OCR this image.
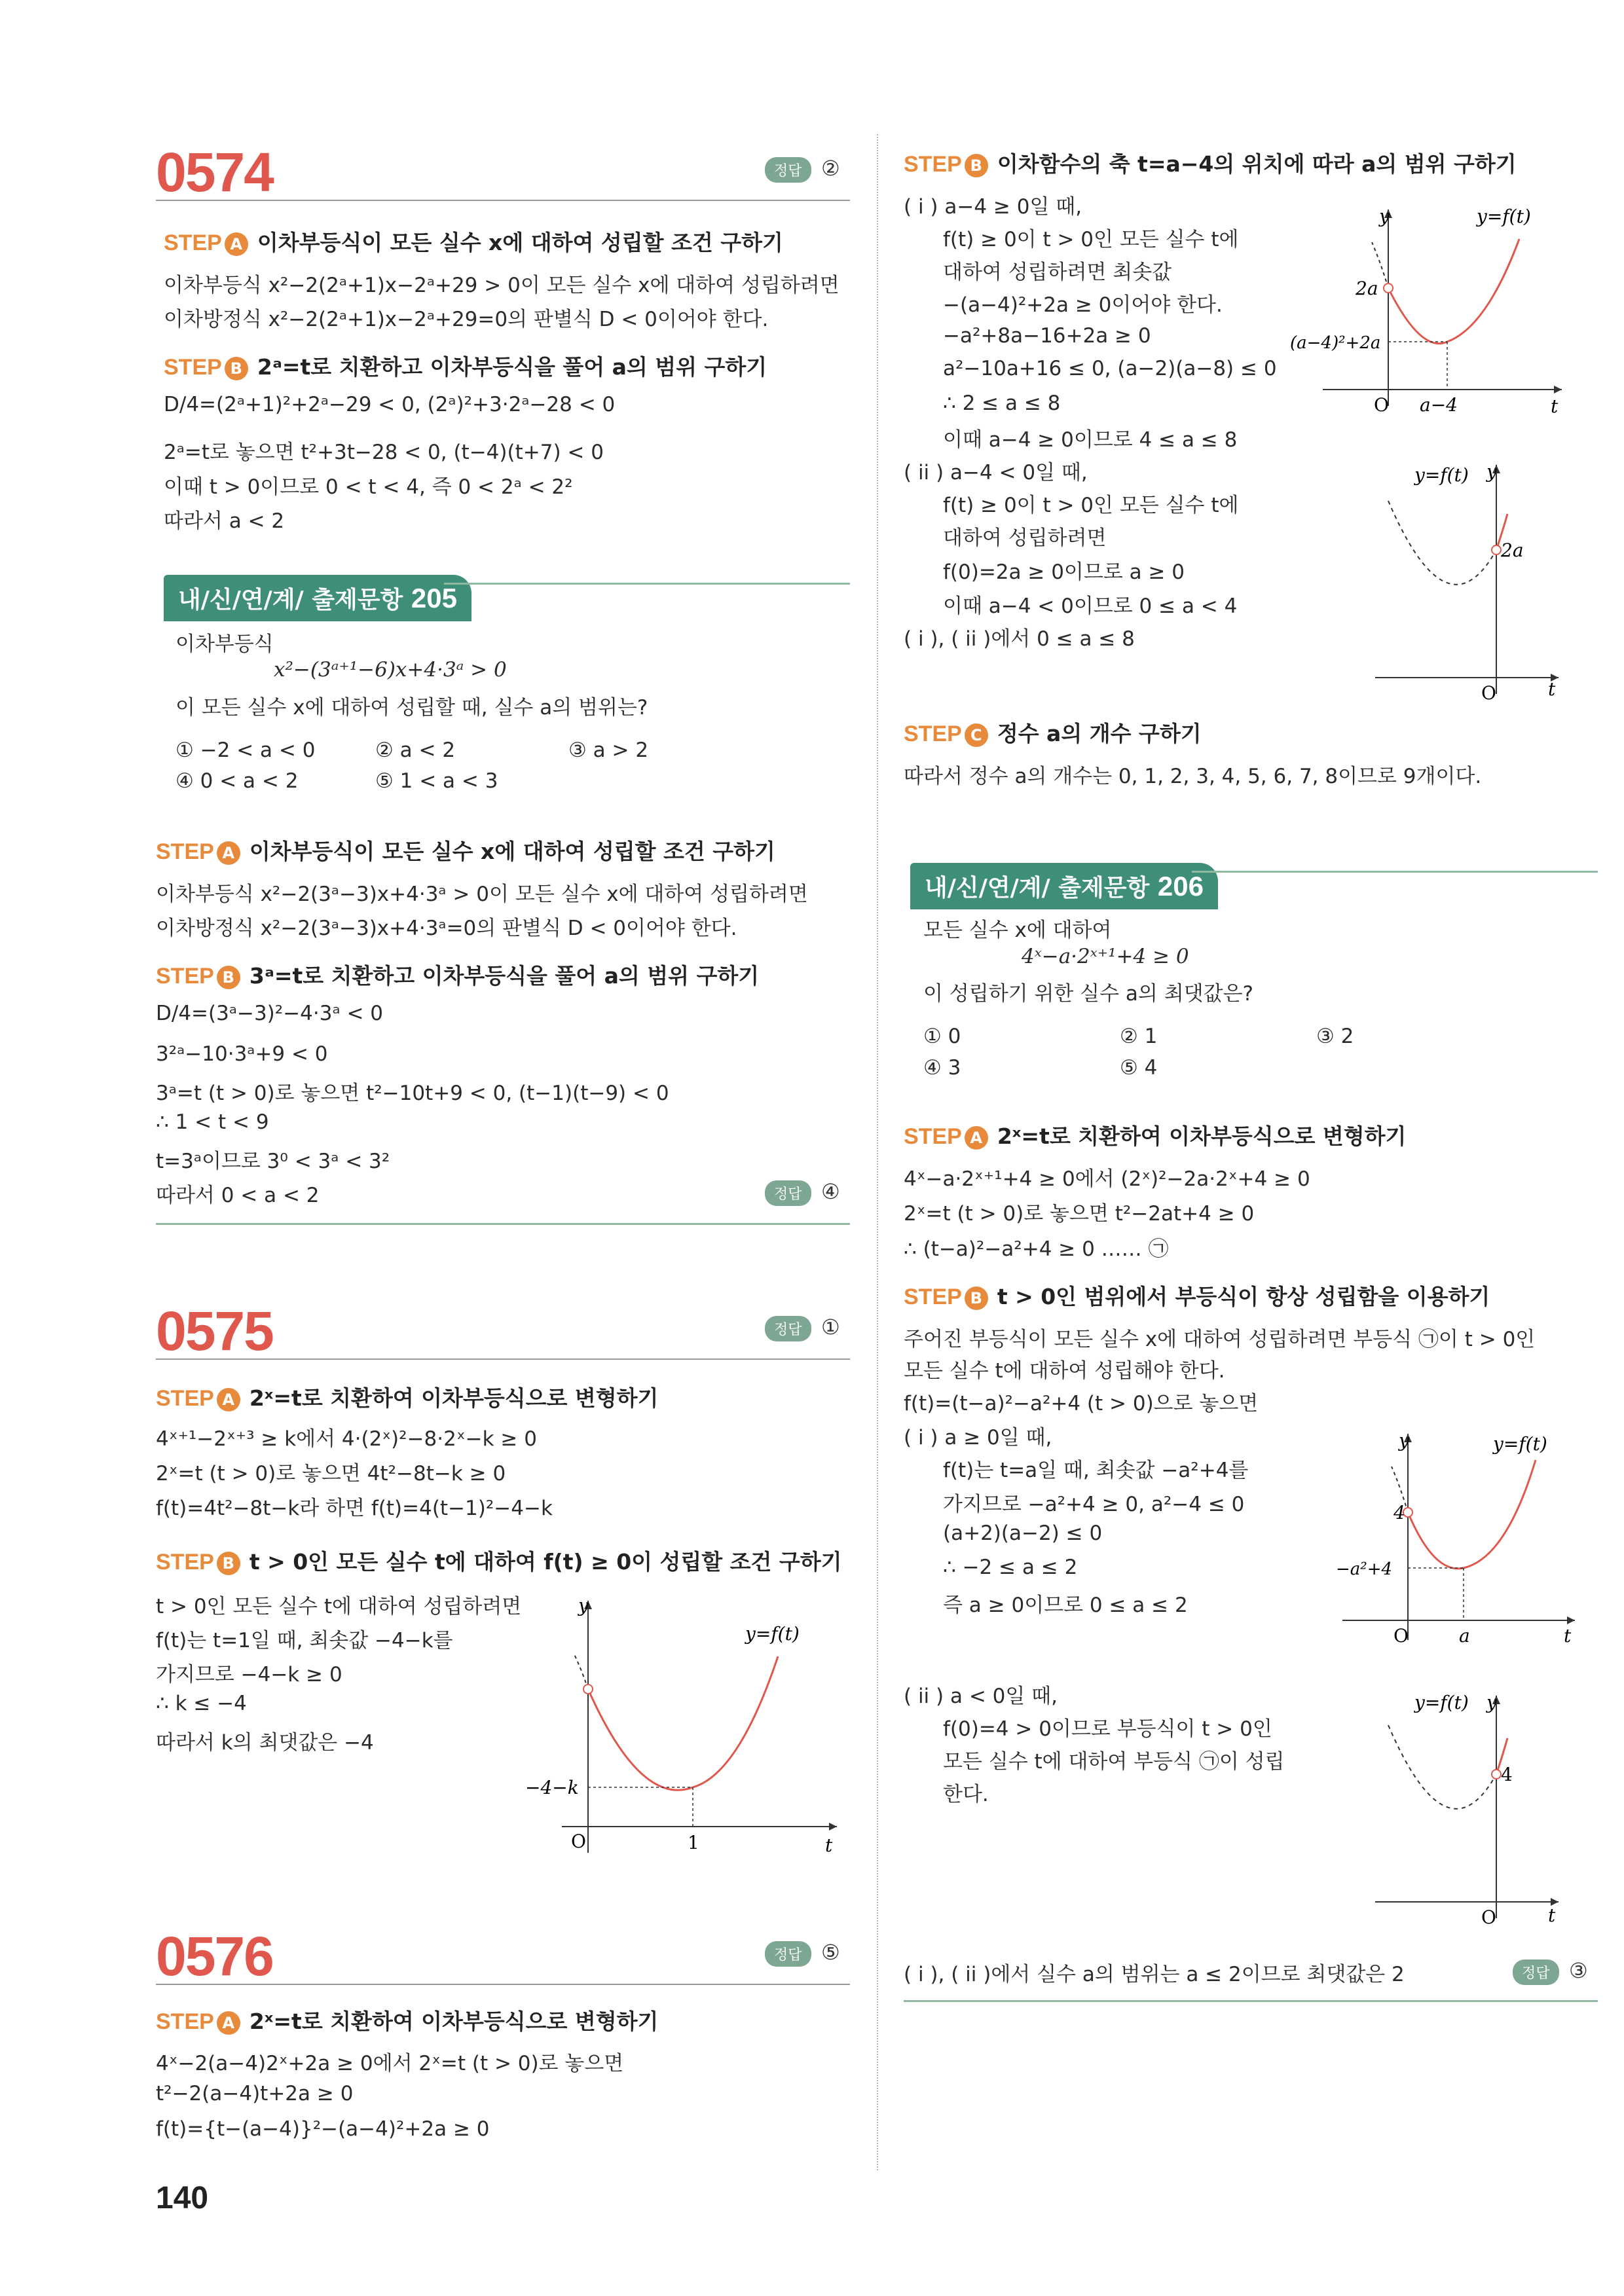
0574	정답 ②
STEP A 이차부등식이 모든 실수 x에 대하여 성립할 조건 구하기
이차부등식 x²−2(2ᵃ+1)x−2ᵃ+29 > 0이 모든 실수 x에 대하여 성립하려면
이차방정식 x²−2(2ᵃ+1)x−2ᵃ+29=0의 판별식 D < 0이어야 한다.
STEP B 2ᵃ=t로 치환하고 이차부등식을 풀어 a의 범위 구하기
D/4=(2ᵃ+1)²+2ᵃ−29 < 0, (2ᵃ)²+3·2ᵃ−28 < 0
2ᵃ=t로 놓으면 t²+3t−28 < 0, (t−4)(t+7) < 0
이때 t > 0이므로 0 < t < 4, 즉 0 < 2ᵃ < 2²
따라서 a < 2
내/신/연/계/ 출제문항 205
이차부등식
x²−(3ᵃ⁺¹−6)x+4·3ᵃ > 0
이 모든 실수 x에 대하여 성립할 때, 실수 a의 범위는?
① −2 < a < 0	② a < 2	③ a > 2
④ 0 < a < 2	⑤ 1 < a < 3
STEP A 이차부등식이 모든 실수 x에 대하여 성립할 조건 구하기
이차부등식 x²−2(3ᵃ−3)x+4·3ᵃ > 0이 모든 실수 x에 대하여 성립하려면
이차방정식 x²−2(3ᵃ−3)x+4·3ᵃ=0의 판별식 D < 0이어야 한다.
STEP B 3ᵃ=t로 치환하고 이차부등식을 풀어 a의 범위 구하기
D/4=(3ᵃ−3)²−4·3ᵃ < 0
3²ᵃ−10·3ᵃ+9 < 0
3ᵃ=t (t > 0)로 놓으면 t²−10t+9 < 0, (t−1)(t−9) < 0
∴ 1 < t < 9
t=3ᵃ이므로 3⁰ < 3ᵃ < 3²
따라서 0 < a < 2	정답 ④
0575	정답 ①
STEP A 2ˣ=t로 치환하여 이차부등식으로 변형하기
4ˣ⁺¹−2ˣ⁺³ ≥ k에서 4·(2ˣ)²−8·2ˣ−k ≥ 0
2ˣ=t (t > 0)로 놓으면 4t²−8t−k ≥ 0
f(t)=4t²−8t−k라 하면 f(t)=4(t−1)²−4−k
STEP B t > 0인 모든 실수 t에 대하여 f(t) ≥ 0이 성립할 조건 구하기
t > 0인 모든 실수 t에 대하여 성립하려면
f(t)는 t=1일 때, 최솟값 −4−k를
가지므로 −4−k ≥ 0
∴ k ≤ −4
따라서 k의 최댓값은 −4
y
t
O
y=f(t)
−4−k
1
0576	정답 ⑤
STEP A 2ˣ=t로 치환하여 이차부등식으로 변형하기
4ˣ−2(a−4)2ˣ+2a ≥ 0에서 2ˣ=t (t > 0)로 놓으면
t²−2(a−4)t+2a ≥ 0
f(t)={t−(a−4)}²−(a−4)²+2a ≥ 0
140
STEP B 이차함수의 축 t=a−4의 위치에 따라 a의 범위 구하기
( i ) a−4 ≥ 0일 때,
f(t) ≥ 0이 t > 0인 모든 실수 t에
대하여 성립하려면 최솟값
−(a−4)²+2a ≥ 0이어야 한다.
−a²+8a−16+2a ≥ 0
a²−10a+16 ≤ 0, (a−2)(a−8) ≤ 0
∴ 2 ≤ a ≤ 8
이때 a−4 ≥ 0이므로 4 ≤ a ≤ 8
( ii ) a−4 < 0일 때,
f(t) ≥ 0이 t > 0인 모든 실수 t에
대하여 성립하려면
f(0)=2a ≥ 0이므로 a ≥ 0
이때 a−4 < 0이므로 0 ≤ a < 4
( i ), ( ii )에서 0 ≤ a ≤ 8
y
t
O
y=f(t)
2a
(a−4)²+2a
a−4
y
t
O
y=f(t)
2a
STEP C 정수 a의 개수 구하기
따라서 정수 a의 개수는 0, 1, 2, 3, 4, 5, 6, 7, 8이므로 9개이다.
내/신/연/계/ 출제문항 206
모든 실수 x에 대하여
4ˣ−a·2ˣ⁺¹+4 ≥ 0
이 성립하기 위한 실수 a의 최댓값은?
① 0	② 1	③ 2
④ 3	⑤ 4
STEP A 2ˣ=t로 치환하여 이차부등식으로 변형하기
4ˣ−a·2ˣ⁺¹+4 ≥ 0에서 (2ˣ)²−2a·2ˣ+4 ≥ 0
2ˣ=t (t > 0)로 놓으면 t²−2at+4 ≥ 0
∴ (t−a)²−a²+4 ≥ 0 …… ㉠
STEP B t > 0인 범위에서 부등식이 항상 성립함을 이용하기
주어진 부등식이 모든 실수 x에 대하여 성립하려면 부등식 ㉠이 t > 0인
모든 실수 t에 대하여 성립해야 한다.
f(t)=(t−a)²−a²+4 (t > 0)으로 놓으면
( i ) a ≥ 0일 때,
f(t)는 t=a일 때, 최솟값 −a²+4를
가지므로 −a²+4 ≥ 0, a²−4 ≤ 0
(a+2)(a−2) ≤ 0
∴ −2 ≤ a ≤ 2
즉 a ≥ 0이므로 0 ≤ a ≤ 2
( ii ) a < 0일 때,
f(0)=4 > 0이므로 부등식이 t > 0인
모든 실수 t에 대하여 부등식 ㉠이 성립
한다.
y
t
O
y=f(t)
4
−a²+4
a
y
t
O
y=f(t)
4
( i ), ( ii )에서 실수 a의 범위는 a ≤ 2이므로 최댓값은 2	정답 ③
